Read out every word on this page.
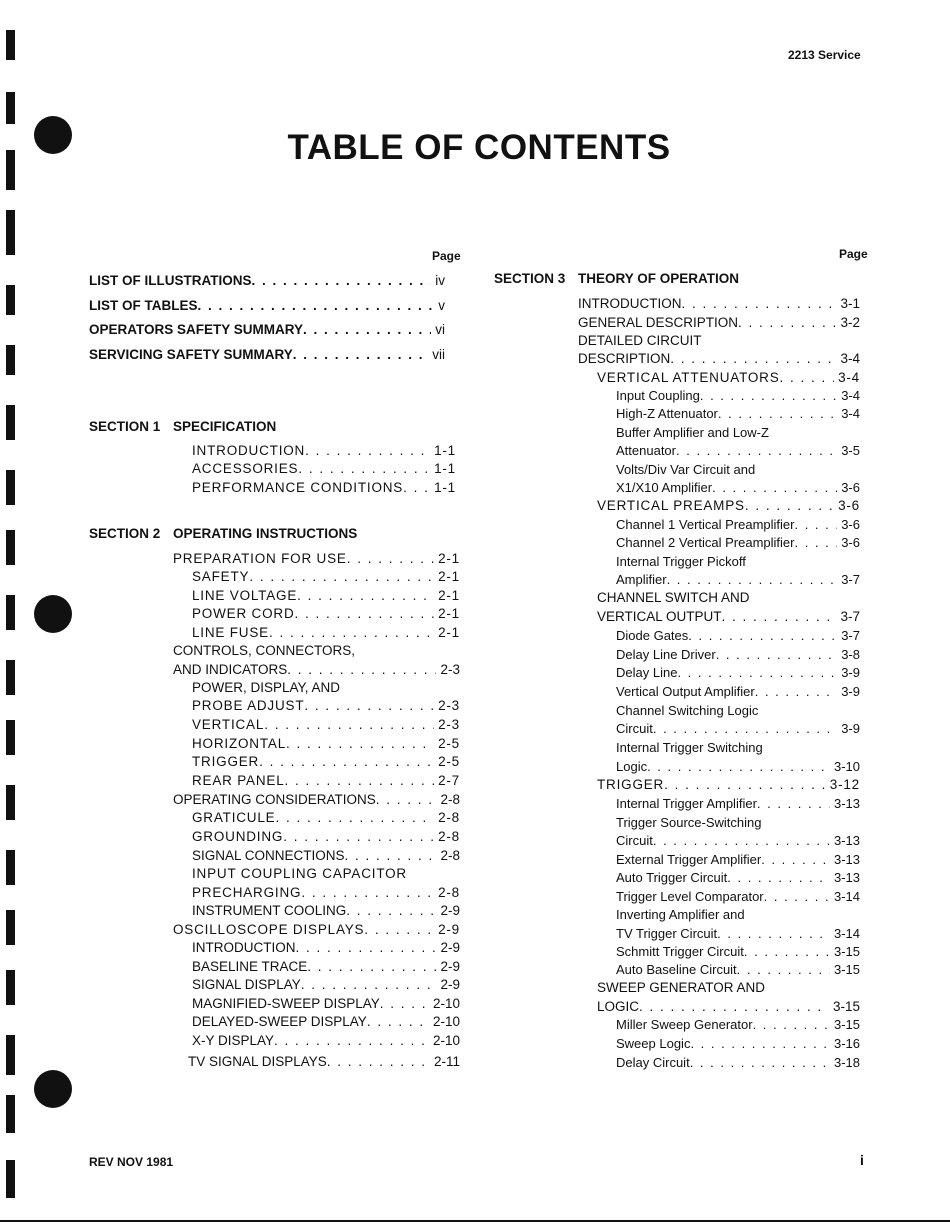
2213 Service
TABLE OF CONTENTS
Page	Page
LIST OF ILLUSTRATIONS . . .	iv
LIST OF TABLES . . .	v
OPERATORS SAFETY SUMMARY . . .	vi
SERVICING SAFETY SUMMARY . . .	vii
SECTION 1 SPECIFICATION
INTRODUCTION . . .	1-1
ACCESSORIES . . .	1-1
PERFORMANCE CONDITIONS . . . 1-1
SECTION 2 OPERATING INSTRUCTIONS
PREPARATION FOR USE . . .	2-1
SAFETY . . .	2-1
LINE VOLTAGE . . .	2-1
POWER CORD . . .	2-1
LINE FUSE . . .	2-1
CONTROLS, CONNECTORS,
AND INDICATORS . . .	2-3
POWER, DISPLAY, AND
PROBE ADJUST . . .	2-3
VERTICAL . . .	2-3
HORIZONTAL . . .	2-5
TRIGGER . . .	2-5
REAR PANEL . . .	2-7
OPERATING CONSIDERATIONS . . .	2-8
GRATICULE . . .	2-8
GROUNDING . . .	2-8
SIGNAL CONNECTIONS . . .	2-8
INPUT COUPLING CAPACITOR
PRECHARGING . . .	2-8
INSTRUMENT COOLING . . .	2-9
OSCILLOSCOPE DISPLAYS . . .	2-9
INTRODUCTION . . .	2-9
BASELINE TRACE . . .	2-9
SIGNAL DISPLAY . . .	2-9
MAGNIFIED-SWEEP DISPLAY . . .	2-10
DELAYED-SWEEP DISPLAY . . .	2-10
X-Y DISPLAY . . .	2-10
TV SIGNAL DISPLAYS . . .	2-11
SECTION 3 THEORY OF OPERATION
INTRODUCTION . . .	3-1
GENERAL DESCRIPTION . . .	3-2
DETAILED CIRCUIT
DESCRIPTION . . .	3-4
VERTICAL ATTENUATORS . . .	3-4
Input Coupling . . .	3-4
High-Z Attenuator . . .	3-4
Buffer Amplifier and Low-Z
Attenuator . . .	3-5
Volts/Div Var Circuit and
X1/X10 Amplifier . . .	3-6
VERTICAL PREAMPS . . .	3-6
Channel 1 Vertical Preamplifier . . .	3-6
Channel 2 Vertical Preamplifier . . .	3-6
Internal Trigger Pickoff
Amplifier . . .	3-7
CHANNEL SWITCH AND
VERTICAL OUTPUT . . .	3-7
Diode Gates . . .	3-7
Delay Line Driver . . .	3-8
Delay Line . . .	3-9
Vertical Output Amplifier . . .	3-9
Channel Switching Logic
Circuit . . .	3-9
Internal Trigger Switching
Logic . . .	3-10
TRIGGER . . .	3-12
Internal Trigger Amplifier . . .	3-13
Trigger Source-Switching
Circuit . . .	3-13
External Trigger Amplifier . . .	3-13
Auto Trigger Circuit . . .	3-13
Trigger Level Comparator . . .	3-14
Inverting Amplifier and
TV Trigger Circuit . . .	3-14
Schmitt Trigger Circuit . . .	3-15
Auto Baseline Circuit . . .	3-15
SWEEP GENERATOR AND
LOGIC . . .	3-15
Miller Sweep Generator . . .	3-15
Sweep Logic . . .	3-16
Delay Circuit . . .	3-18
REV NOV 1981	i
